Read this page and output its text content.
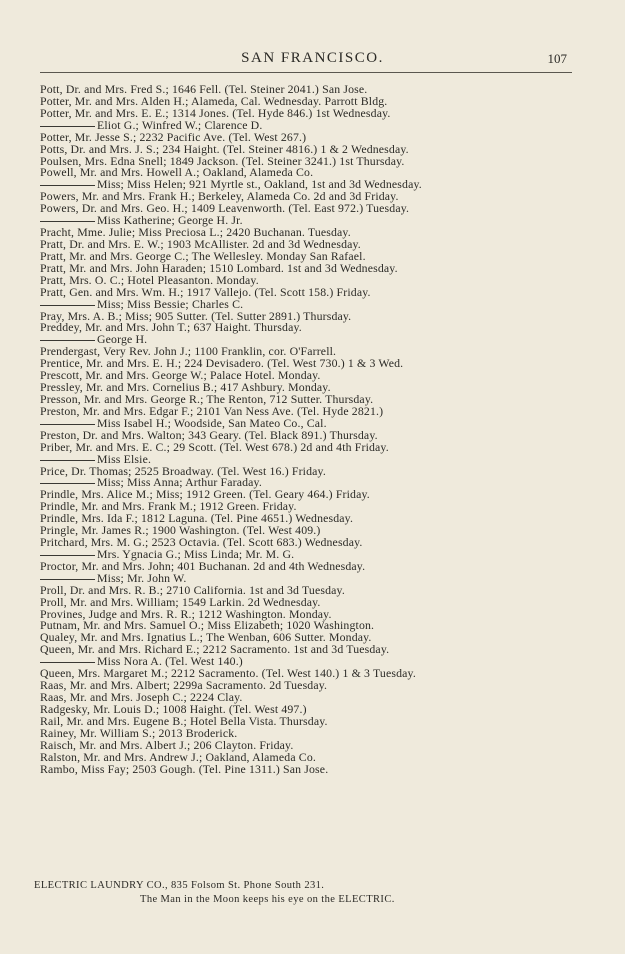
SAN FRANCISCO.	107
Pott, Dr. and Mrs. Fred S.; 1646 Fell. (Tel. Steiner 2041.) San Jose.
Potter, Mr. and Mrs. Alden H.; Alameda, Cal. Wednesday. Parrott Bldg.
Potter, Mr. and Mrs. E. E.; 1314 Jones. (Tel. Hyde 846.) 1st Wednesday.
Eliot G.; Winfred W.; Clarence D.
Potter, Mr. Jesse S.; 2232 Pacific Ave. (Tel. West 267.)
Potts, Dr. and Mrs. J. S.; 234 Haight. (Tel. Steiner 4816.) 1 & 2 Wednesday.
Poulsen, Mrs. Edna Snell; 1849 Jackson. (Tel. Steiner 3241.) 1st Thursday.
Powell, Mr. and Mrs. Howell A.; Oakland, Alameda Co.
Miss; Miss Helen; 921 Myrtle st., Oakland, 1st and 3d Wednesday.
Powers, Mr. and Mrs. Frank H.; Berkeley, Alameda Co. 2d and 3d Friday.
Powers, Dr. and Mrs. Geo. H.; 1409 Leavenworth. (Tel. East 972.) Tuesday.
Miss Katherine; George H. Jr.
Pracht, Mme. Julie; Miss Preciosa L.; 2420 Buchanan. Tuesday.
Pratt, Dr. and Mrs. E. W.; 1903 McAllister. 2d and 3d Wednesday.
Pratt, Mr. and Mrs. George C.; The Wellesley. Monday San Rafael.
Pratt, Mr. and Mrs. John Haraden; 1510 Lombard. 1st and 3d Wednesday.
Pratt, Mrs. O. C.; Hotel Pleasanton. Monday.
Pratt, Gen. and Mrs. Wm. H.; 1917 Vallejo. (Tel. Scott 158.) Friday.
Miss; Miss Bessie; Charles C.
Pray, Mrs. A. B.; Miss; 905 Sutter. (Tel. Sutter 2891.) Thursday.
Preddey, Mr. and Mrs. John T.; 637 Haight. Thursday.
George H.
Prendergast, Very Rev. John J.; 1100 Franklin, cor. O'Farrell.
Prentice, Mr. and Mrs. E. H.; 224 Devisadero. (Tel. West 730.) 1 & 3 Wed.
Prescott, Mr. and Mrs. George W.; Palace Hotel. Monday.
Pressley, Mr. and Mrs. Cornelius B.; 417 Ashbury. Monday.
Presson, Mr. and Mrs. George R.; The Renton, 712 Sutter. Thursday.
Preston, Mr. and Mrs. Edgar F.; 2101 Van Ness Ave. (Tel. Hyde 2821.)
Miss Isabel H.; Woodside, San Mateo Co., Cal.
Preston, Dr. and Mrs. Walton; 343 Geary. (Tel. Black 891.) Thursday.
Priber, Mr. and Mrs. E. C.; 29 Scott. (Tel. West 678.) 2d and 4th Friday.
Miss Elsie.
Price, Dr. Thomas; 2525 Broadway. (Tel. West 16.) Friday.
Miss; Miss Anna; Arthur Faraday.
Prindle, Mrs. Alice M.; Miss; 1912 Green. (Tel. Geary 464.) Friday.
Prindle, Mr. and Mrs. Frank M.; 1912 Green. Friday.
Prindle, Mrs. Ida F.; 1812 Laguna. (Tel. Pine 4651.) Wednesday.
Pringle, Mr. James R.; 1900 Washington. (Tel. West 409.)
Pritchard, Mrs. M. G.; 2523 Octavia. (Tel. Scott 683.) Wednesday.
Mrs. Ygnacia G.; Miss Linda; Mr. M. G.
Proctor, Mr. and Mrs. John; 401 Buchanan. 2d and 4th Wednesday.
Miss; Mr. John W.
Proll, Dr. and Mrs. R. B.; 2710 California. 1st and 3d Tuesday.
Proll, Mr. and Mrs. William; 1549 Larkin. 2d Wednesday.
Provines, Judge and Mrs. R. R.; 1212 Washington. Monday.
Putnam, Mr. and Mrs. Samuel O.; Miss Elizabeth; 1020 Washington.
Qualey, Mr. and Mrs. Ignatius L.; The Wenban, 606 Sutter. Monday.
Queen, Mr. and Mrs. Richard E.; 2212 Sacramento. 1st and 3d Tuesday.
Miss Nora A. (Tel. West 140.)
Queen, Mrs. Margaret M.; 2212 Sacramento. (Tel. West 140.) 1 & 3 Tuesday.
Raas, Mr. and Mrs. Albert; 2299a Sacramento. 2d Tuesday.
Raas, Mr. and Mrs. Joseph C.; 2224 Clay.
Radgesky, Mr. Louis D.; 1008 Haight. (Tel. West 497.)
Rail, Mr. and Mrs. Eugene B.; Hotel Bella Vista. Thursday.
Rainey, Mr. William S.; 2013 Broderick.
Raisch, Mr. and Mrs. Albert J.; 206 Clayton. Friday.
Ralston, Mr. and Mrs. Andrew J.; Oakland, Alameda Co.
Rambo, Miss Fay; 2503 Gough. (Tel. Pine 1311.) San Jose.
ELECTRIC LAUNDRY CO., 835 Folsom St. Phone South 231.
The Man in the Moon keeps his eye on the ELECTRIC.
